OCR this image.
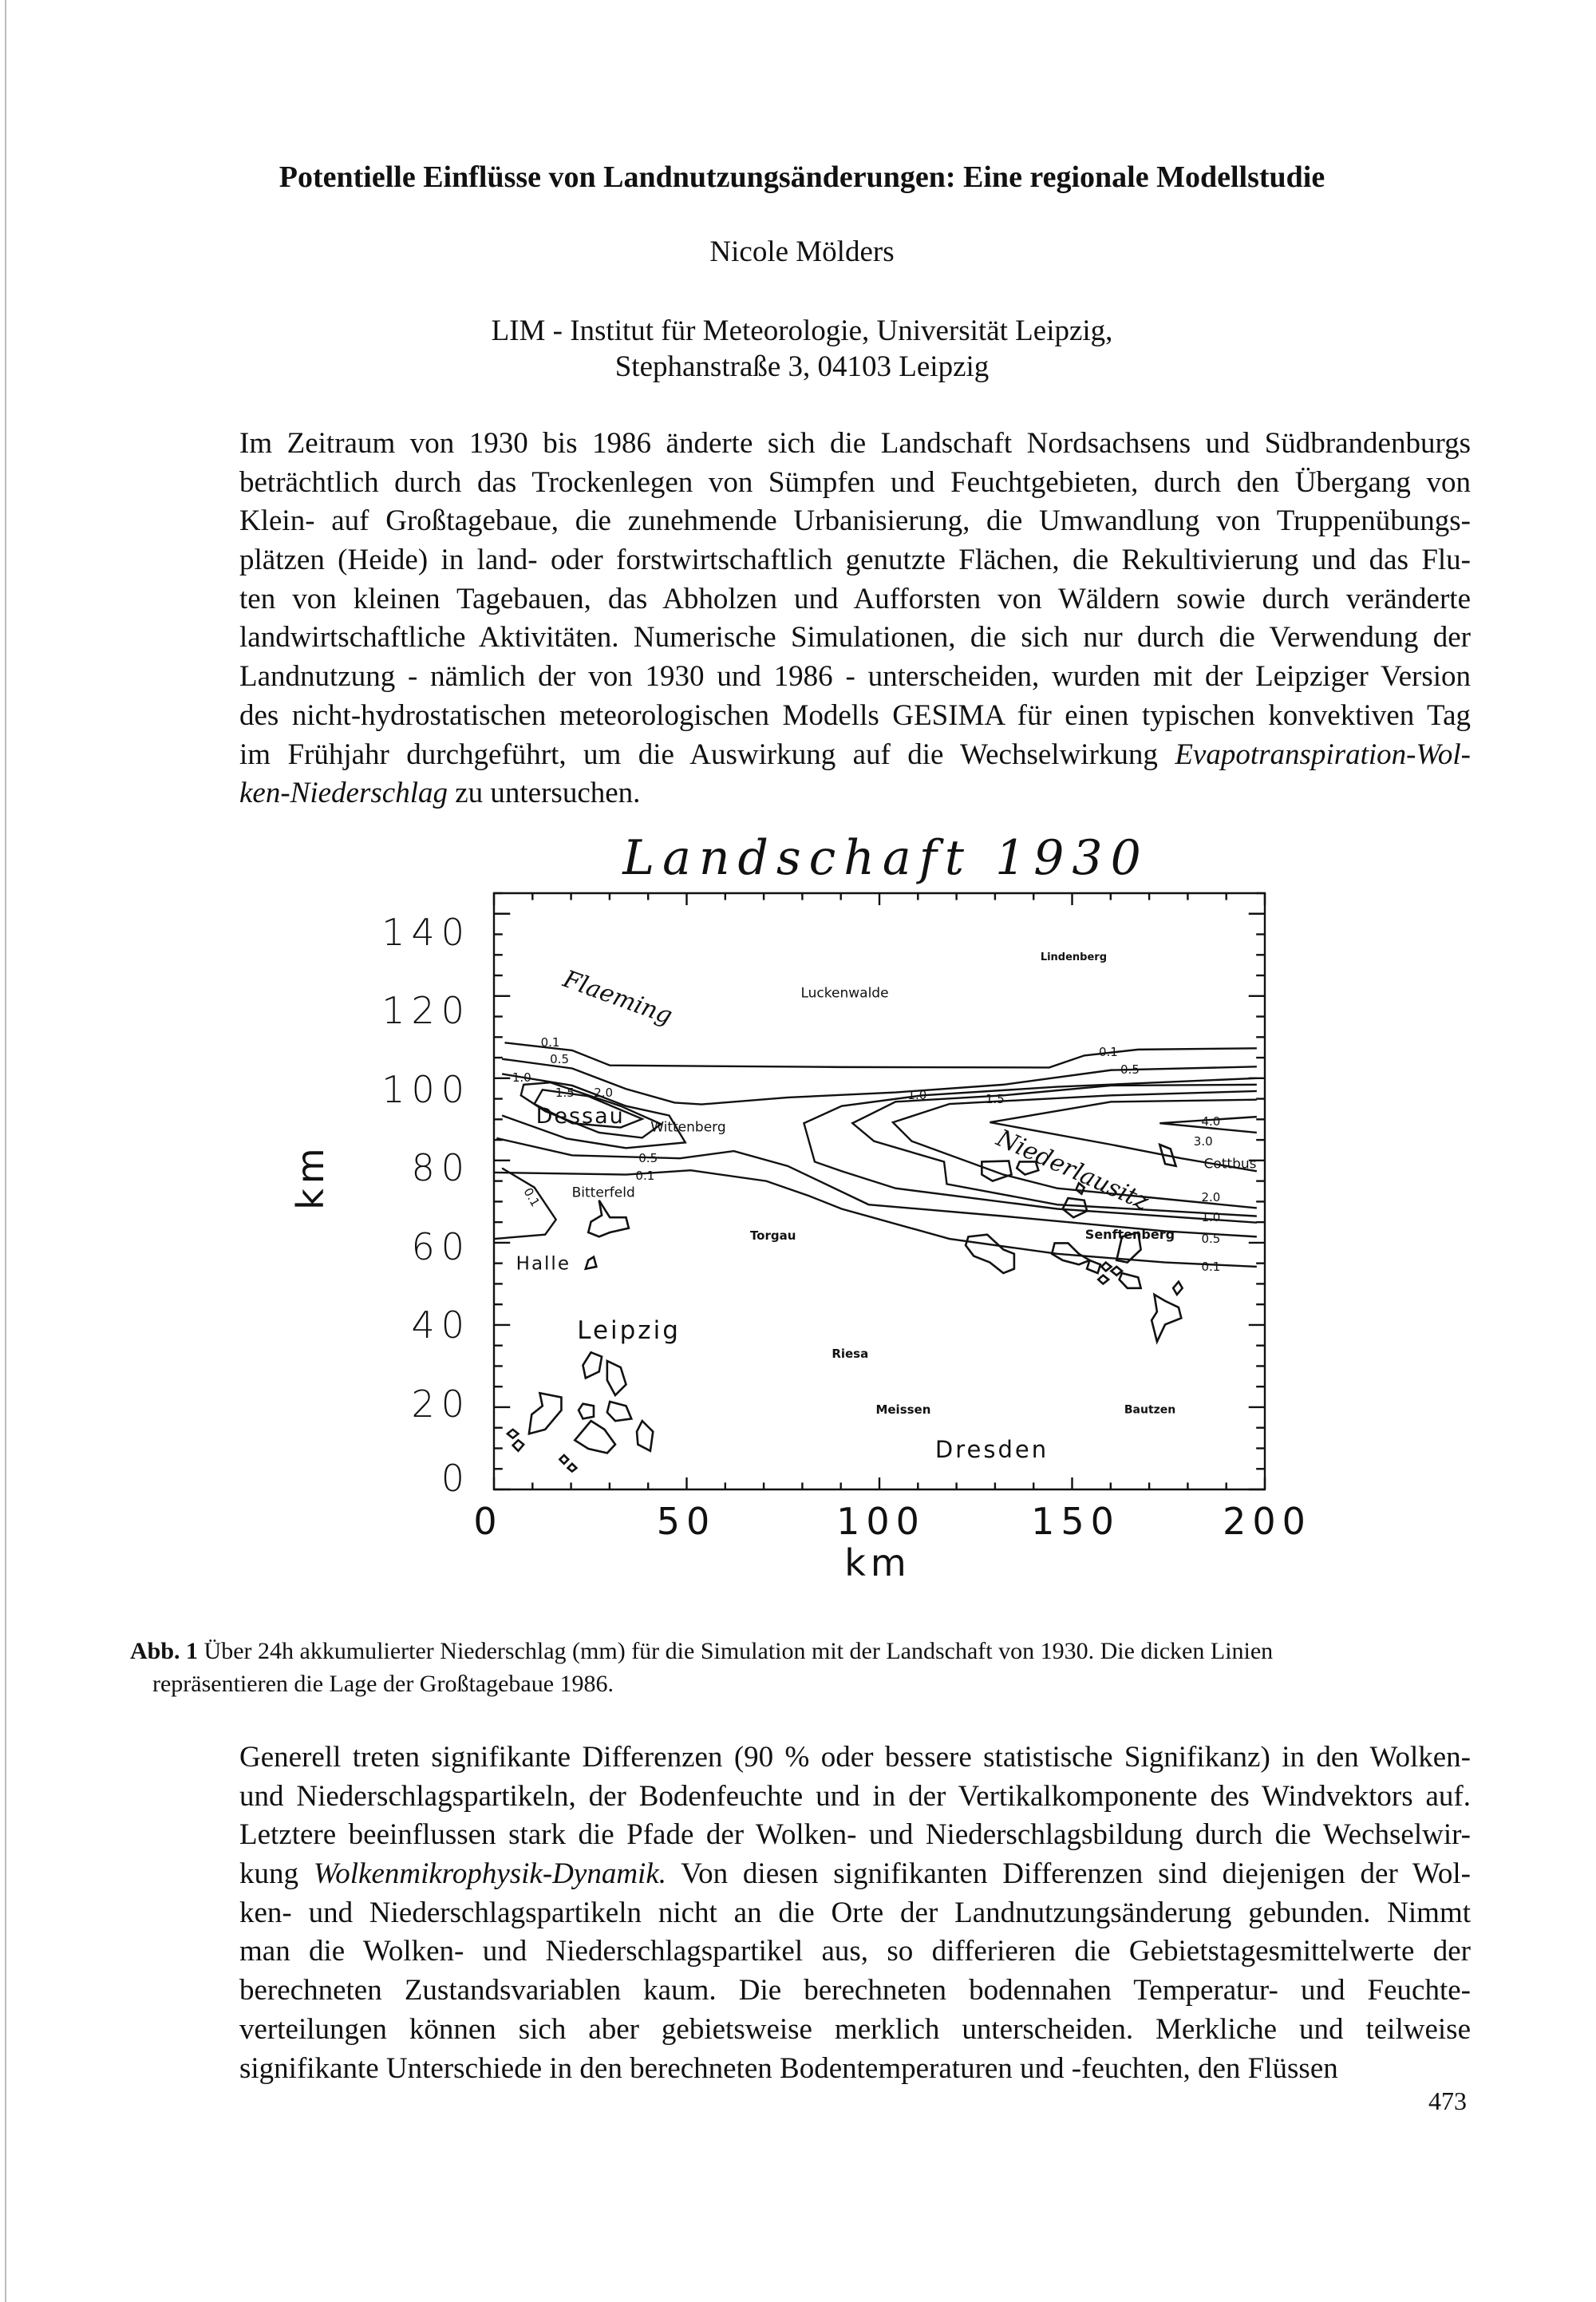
Potentielle Einflüsse von Landnutzungsänderungen: Eine regionale Modellstudie
Nicole Mölders
LIM - Institut für Meteorologie, Universität Leipzig,
Stephanstraße 3, 04103 Leipzig
Im Zeitraum von 1930 bis 1986 änderte sich die Landschaft Nordsachsens und Südbrandenburgs
beträchtlich durch das Trockenlegen von Sümpfen und Feuchtgebieten, durch den Übergang von
Klein- auf Großtagebaue, die zunehmende Urbanisierung, die Umwandlung von Truppenübungs-
plätzen (Heide) in land- oder forstwirtschaftlich genutzte Flächen, die Rekultivierung und das Flu-
ten von kleinen Tagebauen, das Abholzen und Aufforsten von Wäldern sowie durch veränderte
landwirtschaftliche Aktivitäten. Numerische Simulationen, die sich nur durch die Verwendung der
Landnutzung - nämlich der von 1930 und 1986 - unterscheiden, wurden mit der Leipziger Version
des nicht-hydrostatischen meteorologischen Modells GESIMA für einen typischen konvektiven Tag
im Frühjahr durchgeführt, um die Auswirkung auf die Wechselwirkung Evapotranspiration-Wol-
ken-Niederschlag zu untersuchen.
Landschaft 1930
140
120
100
80
60
40
20
0
km
Lindenberg
Luckenwalde
Dessau Wittenberg
Bitterfeld
Torgau
Halle
Leipzig
Riesa
Meissen	Bautzen
Dresden
Senftenberg
Cottbus
Flaeming
Niederlausitz
0.1
0.5
1.0
1.5 2.0
0.5
0.1
0.1
0.1
0.5
1.0	1.5
4.0
3.0
2.0
1.0
0.5
0.1
0	50	100	150	200
km
Abb. 1 Über 24h akkumulierter Niederschlag (mm) für die Simulation mit der Landschaft von 1930. Die dicken Linien
repräsentieren die Lage der Großtagebaue 1986.
Generell treten signifikante Differenzen (90 % oder bessere statistische Signifikanz) in den Wolken-
und Niederschlagspartikeln, der Bodenfeuchte und in der Vertikalkomponente des Windvektors auf.
Letztere beeinflussen stark die Pfade der Wolken- und Niederschlagsbildung durch die Wechselwir-
kung Wolkenmikrophysik-Dynamik. Von diesen signifikanten Differenzen sind diejenigen der Wol-
ken- und Niederschlagspartikeln nicht an die Orte der Landnutzungsänderung gebunden. Nimmt
man die Wolken- und Niederschlagspartikel aus, so differieren die Gebietstagesmittelwerte der
berechneten Zustandsvariablen kaum. Die berechneten bodennahen Temperatur- und Feuchte-
verteilungen können sich aber gebietsweise merklich unterscheiden. Merkliche und teilweise
signifikante Unterschiede in den berechneten Bodentemperaturen und -feuchten, den Flüssen
473
